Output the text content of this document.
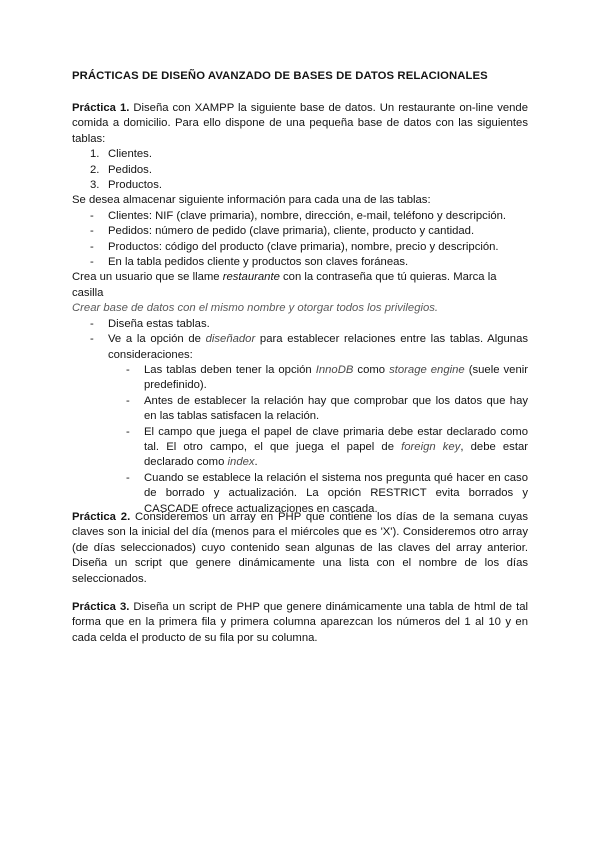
PRÁCTICAS DE DISEÑO AVANZADO DE BASES DE DATOS RELACIONALES

Práctica 1. Diseña con XAMPP la siguiente base de datos. Un restaurante on-line vende comida a domicilio. Para ello dispone de una pequeña base de datos con las siguientes tablas:

1. Clientes.
2. Pedidos.
3. Productos.

Se desea almacenar siguiente información para cada una de las tablas:

- Clientes: NIF (clave primaria), nombre, dirección, e-mail, teléfono y descripción.
- Pedidos: número de pedido (clave primaria), cliente, producto y cantidad.
- Productos: código del producto (clave primaria), nombre, precio y descripción.
- En la tabla pedidos cliente y productos son claves foráneas.

Crea un usuario que se llame restaurante con la contraseña que tú quieras. Marca la casilla

Crear base de datos con el mismo nombre y otorgar todos los privilegios.

- Diseña estas tablas.
- Ve a la opción de diseñador para establecer relaciones entre las tablas. Algunas consideraciones:
- Las tablas deben tener la opción InnoDB como storage engine (suele venir predefinido).
- Antes de establecer la relación hay que comprobar que los datos que hay en las tablas satisfacen la relación.
- El campo que juega el papel de clave primaria debe estar declarado como tal. El otro campo, el que juega el papel de foreign key, debe estar declarado como index.
- Cuando se establece la relación el sistema nos pregunta qué hacer en caso de borrado y actualización. La opción RESTRICT evita borrados y CASCADE ofrece actualizaciones en cascada.

Práctica 2. Consideremos un array en PHP que contiene los días de la semana cuyas claves son la inicial del día (menos para el miércoles que es 'X'). Consideremos otro array (de días seleccionados) cuyo contenido sean algunas de las claves del array anterior. Diseña un script que genere dinámicamente una lista con el nombre de los días seleccionados.

Práctica 3. Diseña un script de PHP que genere dinámicamente una tabla de html de tal forma que en la primera fila y primera columna aparezcan los números del 1 al 10 y en cada celda el producto de su fila por su columna.
